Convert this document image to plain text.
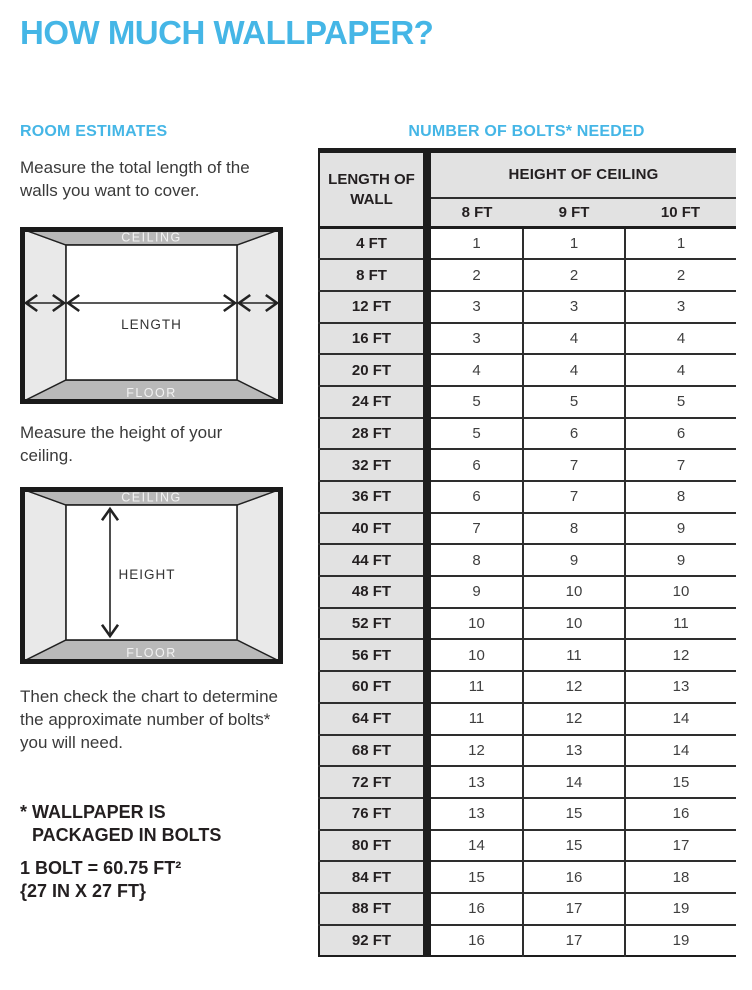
HOW MUCH WALLPAPER?
ROOM ESTIMATES	NUMBER OF BOLTS* NEEDED

Measure the total length of the walls you want to cover.

CEILING
FLOOR
LENGTH

Measure the height of your ceiling.

CEILING
FLOOR
HEIGHT

Then check the chart to determine the approximate number of bolts* you will need.

* WALLPAPER IS
PACKAGED IN BOLTS
1 BOLT = 60.75 FT²
{27 IN X 27 FT}
LENGTH OF WALL	HEIGHT OF CEILING		
	8 FT	9 FT	10 FT
4 FT	1	1	1
8 FT	2	2	2
12 FT	3	3	3
16 FT	3	4	4
20 FT	4	4	4
24 FT	5	5	5
28 FT	5	6	6
32 FT	6	7	7
36 FT	6	7	8
40 FT	7	8	9
44 FT	8	9	9
48 FT	9	10	10
52 FT	10	10	11
56 FT	10	11	12
60 FT	11	12	13
64 FT	11	12	14
68 FT	12	13	14
72 FT	13	14	15
76 FT	13	15	16
80 FT	14	15	17
84 FT	15	16	18
88 FT	16	17	19
92 FT	16	17	19
